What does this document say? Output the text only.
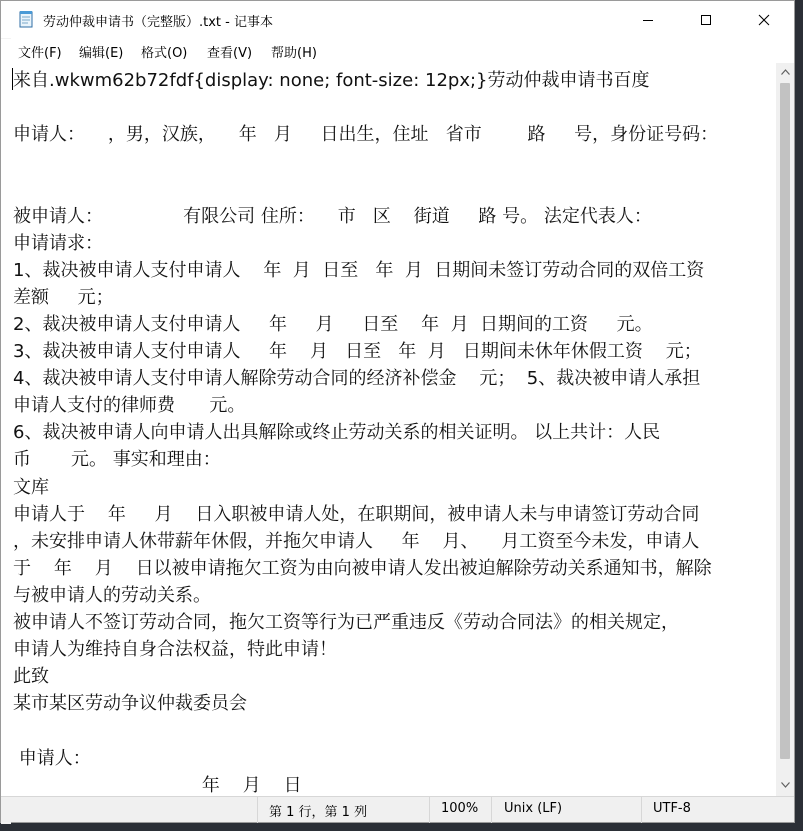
劳动仲裁申请书（完整版）.txt - 记事本
文件(F) 编辑(E) 格式(O) 查看(V) 帮助(H)
来自.wkwm62b72fdf{display: none; font-size: 12px;}劳动仲裁申请书百度
申请人：    ，男，汉族，    年   月     日出生，住址   省市        路     号，身份证号码：
被申请人：              有限公司 住所：    市   区    街道     路 号。 法定代表人：
申请请求：
1、裁决被申请人支付申请人    年  月  日至   年  月  日期间未签订劳动合同的双倍工资
差额     元；
2、裁决被申请人支付申请人     年     月     日至    年  月  日期间的工资     元。
3、裁决被申请人支付申请人     年    月   日至   年  月   日期间未休年休假工资    元；
4、裁决被申请人支付申请人解除劳动合同的经济补偿金    元；  5、裁决被申请人承担
申请人支付的律师费      元。
6、裁决被申请人向申请人出具解除或终止劳动关系的相关证明。 以上共计：人民
币       元。 事实和理由：
文库
申请人于    年     月    日入职被申请人处，在职期间，被申请人未与申请签订劳动合同
，未安排申请人休带薪年休假，并拖欠申请人     年    月、    月工资至今未发，申请人
于    年    月    日以被申请拖欠工资为由向被申请人发出被迫解除劳动关系通知书，解除
与被申请人的劳动关系。
被申请人不签订劳动合同，拖欠工资等行为已严重违反《劳动合同法》的相关规定，
申请人为维持自身合法权益，特此申请！
此致
某市某区劳动争议仲裁委员会
申请人：
年    月    日
第 1 行，第 1 列	100% Unix (LF)	UTF-8
